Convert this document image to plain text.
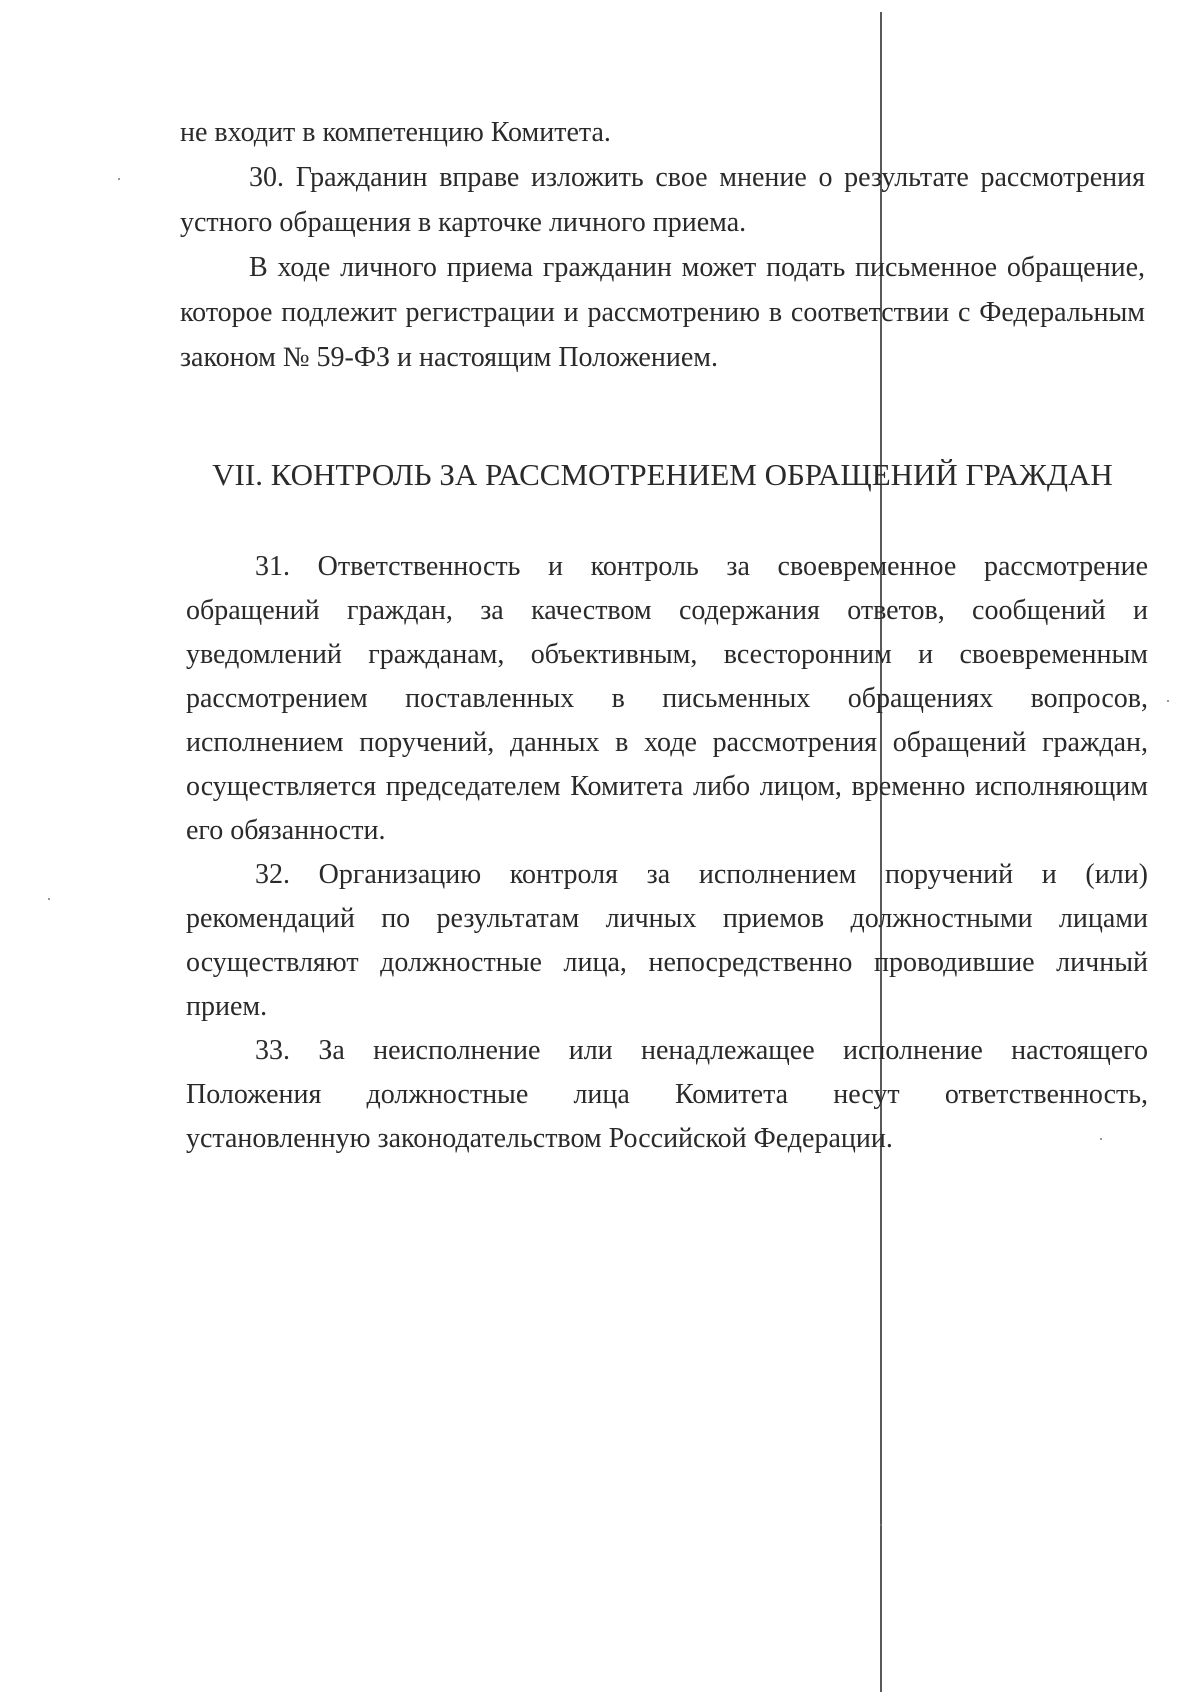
не входит в компетенцию Комитета.

30. Гражданин вправе изложить свое мнение о результате рассмотрения устного обращения в карточке личного приема.

В ходе личного приема гражданин может подать письменное обращение, которое подлежит регистрации и рассмотрению в соответствии с Федеральным законом № 59-ФЗ и настоящим Положением.

VII. КОНТРОЛЬ ЗА РАССМОТРЕНИЕМ ОБРАЩЕНИЙ ГРАЖДАН

31. Ответственность и контроль за своевременное рассмотрение обращений граждан, за качеством содержания ответов, сообщений и уведомлений гражданам, объективным, всесторонним и своевременным рассмотрением поставленных в письменных обращениях вопросов, исполнением поручений, данных в ходе рассмотрения обращений граждан, осуществляется председателем Комитета либо лицом, временно исполняющим его обязанности.

32. Организацию контроля за исполнением поручений и (или) рекомендаций по результатам личных приемов должностными лицами осуществляют должностные лица, непосредственно проводившие личный прием.

33. За неисполнение или ненадлежащее исполнение настоящего Положения должностные лица Комитета несут ответственность, установленную законодательством Российской Федерации.
